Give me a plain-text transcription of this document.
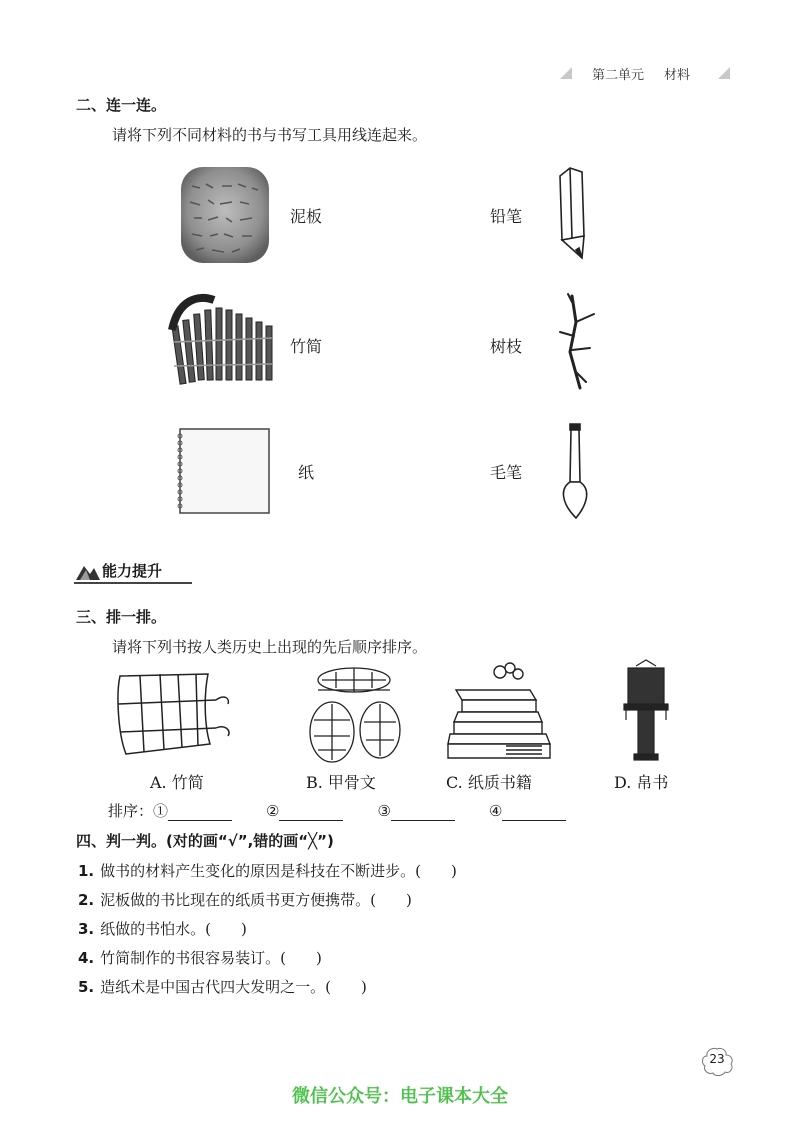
第二单元 材料
二、连一连。
请将下列不同材料的书与书写工具用线连起来。
泥板
竹简
纸
铅笔
树枝
毛笔
能力提升
三、排一排。
请将下列书按人类历史上出现的先后顺序排序。
A. 竹简	B. 甲骨文	C. 纸质书籍	D. 帛书
排序：①	②	③	④
四、判一判。(对的画“√”,错的画“╳”)
1. 做书的材料产生变化的原因是科技在不断进步。(　　)
2. 泥板做的书比现在的纸质书更方便携带。(　　)
3. 纸做的书怕水。(　　)
4. 竹简制作的书很容易装订。(　　)
5. 造纸术是中国古代四大发明之一。(　　)
23
微信公众号：电子课本大全
